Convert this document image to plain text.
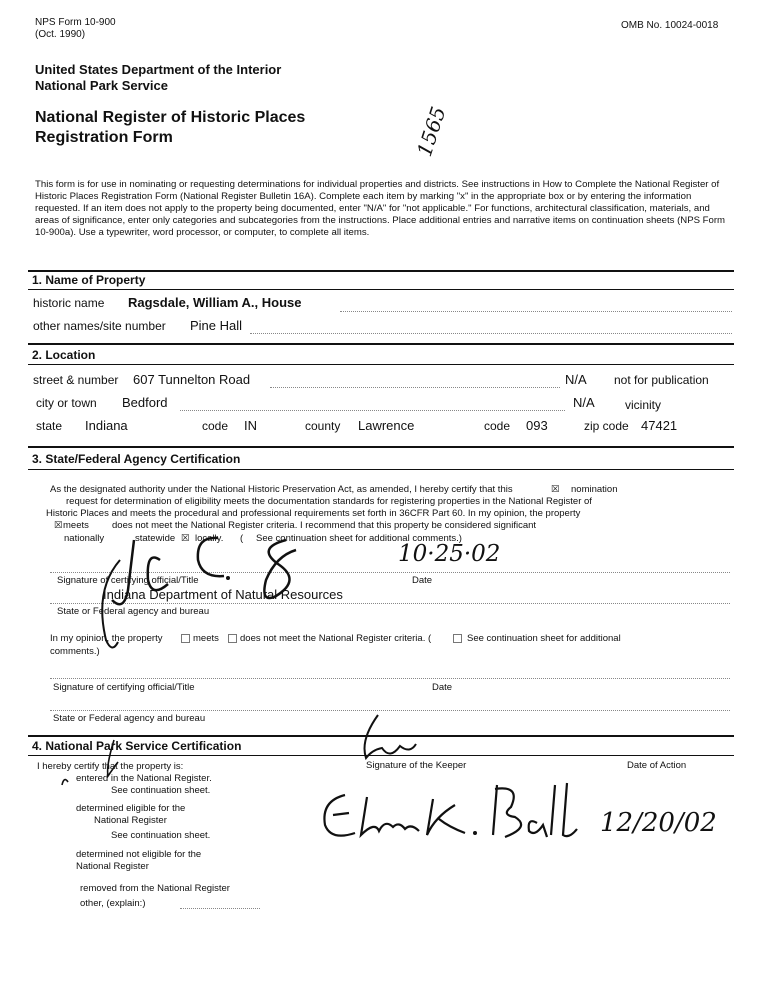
NPS Form 10-900
(Oct. 1990)
OMB No. 10024-0018
United States Department of the Interior
National Park Service
National Register of Historic Places
Registration Form	1565
This form is for use in nominating or requesting determinations for individual properties and districts. See instructions in How to Complete the National Register of Historic Places Registration Form (National Register Bulletin 16A). Complete each item by marking "x" in the appropriate box or by entering the information requested. If an item does not apply to the property being documented, enter "N/A" for "not applicable." For functions, architectural classification, materials, and areas of significance, enter only categories and subcategories from the instructions. Place additional entries and narrative items on continuation sheets (NPS Form 10-900a). Use a typewriter, word processor, or computer, to complete all items.
1. Name of Property
historic name Ragsdale, William A., House
other names/site number Pine Hall
2. Location
street & number 607 Tunnelton Road	N/A not for publication
city or town Bedford	N/A	vicinity
state Indiana	code IN	county Lawrence	code 093	zip code 47421
3. State/Federal Agency Certification
As the designated authority under the National Historic Preservation Act, as amended, I hereby certify that this	☒ nomination
request for determination of eligibility meets the documentation standards for registering properties in the National Register of
Historic Places and meets the procedural and professional requirements set forth in 36CFR Part 60. In my opinion, the property
☒ meets does not meet the National Register criteria. I recommend that this property be considered significant
nationally	statewide ☒ locally. ( See continuation sheet for additional comments.)
10·25·02
Signature of certifying official/Title	Date
Indiana Department of Natural Resources
State or Federal agency and bureau
In my opinion, the property	meets does not meet the National Register criteria. (	See continuation sheet for additional
comments.)
Signature of certifying official/Title	Date
State or Federal agency and bureau
4. National Park Service Certification
I hereby certify that the property is:	Signature of the Keeper	Date of Action
entered in the National Register.
See continuation sheet.
determined eligible for the
National Register
See continuation sheet.
determined not eligible for the
National Register
removed from the National Register
other, (explain:)
12/20/02
